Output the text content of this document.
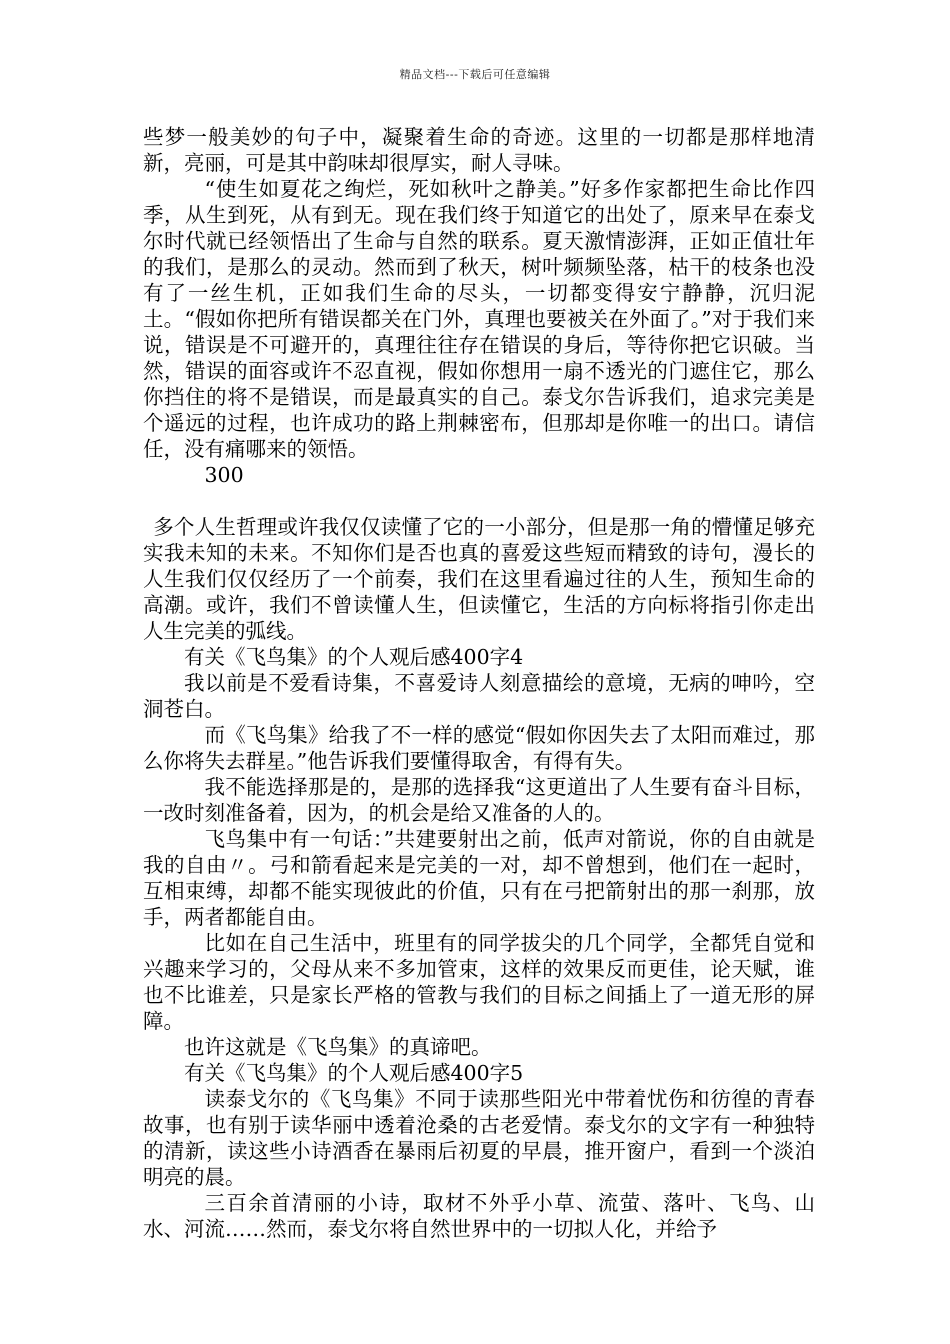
精品文档---下载后可任意编辑

些梦一般美妙的句子中，凝聚着生命的奇迹。这里的一切都是那样地清新，亮丽，可是其中韵味却很厚实，耐人寻味。

“使生如夏花之绚烂，死如秋叶之静美。”好多作家都把生命比作四季，从生到死，从有到无。现在我们终于知道它的出处了，原来早在泰戈尔时代就已经领悟出了生命与自然的联系。夏天激情澎湃，正如正值壮年的我们，是那么的灵动。然而到了秋天，树叶频频坠落，枯干的枝条也没有了一丝生机，正如我们生命的尽头，一切都变得安宁静静，沉归泥土。“假如你把所有错误都关在门外，真理也要被关在外面了。”对于我们来说，错误是不可避开的，真理往往存在错误的身后，等待你把它识破。当然，错误的面容或许不忍直视，假如你想用一扇不透光的门遮住它，那么你挡住的将不是错误，而是最真实的自己。泰戈尔告诉我们，追求完美是个遥远的过程，也许成功的路上荆棘密布，但那却是你唯一的出口。请信任，没有痛哪来的领悟。

300

多个人生哲理或许我仅仅读懂了它的一小部分，但是那一角的懵懂足够充实我未知的未来。不知你们是否也真的喜爱这些短而精致的诗句，漫长的人生我们仅仅经历了一个前奏，我们在这里看遍过往的人生，预知生命的高潮。或许，我们不曾读懂人生，但读懂它，生活的方向标将指引你走出人生完美的弧线。

有关《飞鸟集》的个人观后感400字4

我以前是不爱看诗集，不喜爱诗人刻意描绘的意境，无病的呻吟，空洞苍白。

而《飞鸟集》给我了不一样的感觉“假如你因失去了太阳而难过，那么你将失去群星。”他告诉我们要懂得取舍，有得有失。

我不能选择那是的，是那的选择我“这更道出了人生要有奋斗目标，一改时刻准备着，因为，的机会是给又准备的人的。

飞鸟集中有一句话：”共建要射出之前，低声对箭说，你的自由就是我的自由〃。弓和箭看起来是完美的一对，却不曾想到，他们在一起时，互相束缚，却都不能实现彼此的价值，只有在弓把箭射出的那一刹那，放手，两者都能自由。

比如在自己生活中，班里有的同学拔尖的几个同学，全都凭自觉和兴趣来学习的，父母从来不多加管束，这样的效果反而更佳，论天赋，谁也不比谁差，只是家长严格的管教与我们的目标之间插上了一道无形的屏障。

也许这就是《飞鸟集》的真谛吧。

有关《飞鸟集》的个人观后感400字5

读泰戈尔的《飞鸟集》不同于读那些阳光中带着忧伤和彷徨的青春故事，也有别于读华丽中透着沧桑的古老爱情。泰戈尔的文字有一种独特的清新，读这些小诗酒香在暴雨后初夏的早晨，推开窗户，看到一个淡泊明亮的晨。

三百余首清丽的小诗，取材不外乎小草、流萤、落叶、飞鸟、山水、河流……然而，泰戈尔将自然世界中的一切拟人化，并给予
